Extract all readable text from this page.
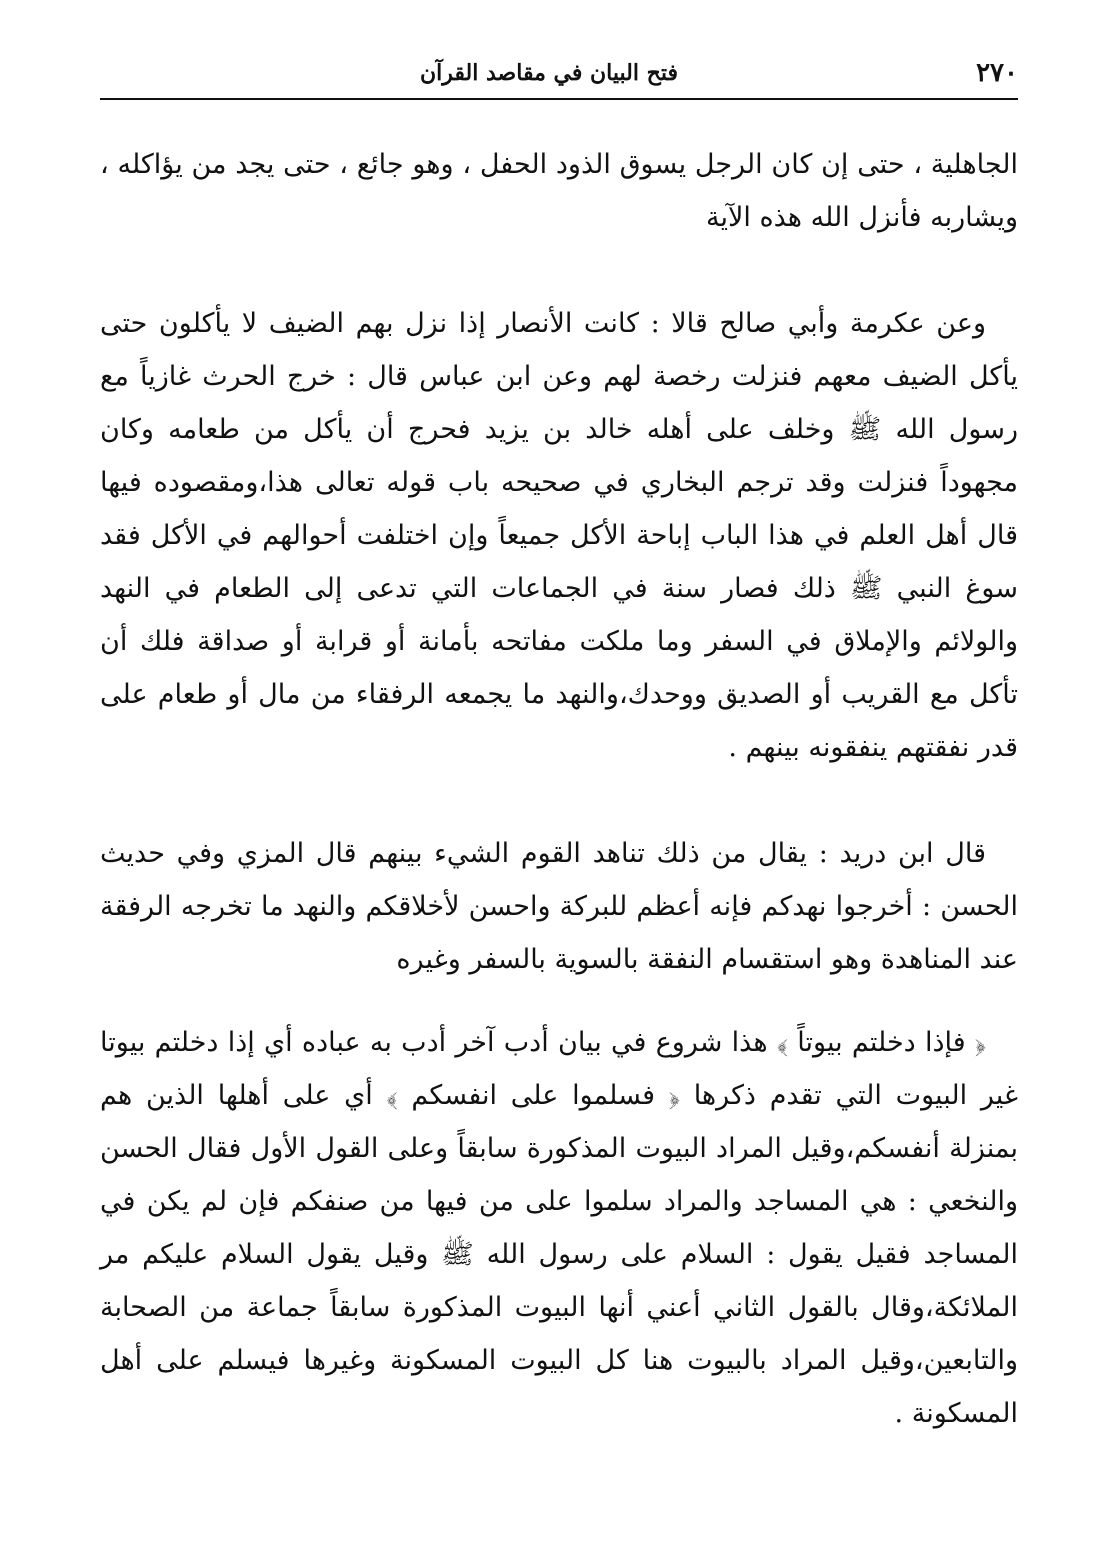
٢٧٠
فتح البيان في مقاصد القرآن

الجاهلية ، حتى إن كان الرجل يسوق الذود الحفل ، وهو جائع ، حتى يجد من يؤاكله ، ويشاربه فأنزل الله هذه الآية

وعن عكرمة وأبي صالح قالا : كانت الأنصار إذا نزل بهم الضيف لا يأكلون حتى يأكل الضيف معهم فنزلت رخصة لهم وعن ابن عباس قال : خرج الحرث غازياً مع رسول الله ﷺ وخلف على أهله خالد بن يزيد فحرج أن يأكل من طعامه وكان مجهوداً فنزلت وقد ترجم البخاري في صحيحه باب قوله تعالى هذا،ومقصوده فيها قال أهل العلم في هذا الباب إباحة الأكل جميعاً وإن اختلفت أحوالهم في الأكل فقد سوغ النبي ﷺ ذلك فصار سنة في الجماعات التي تدعى إلى الطعام في النهد والولائم والإملاق في السفر وما ملكت مفاتحه بأمانة أو قرابة أو صداقة فلك أن تأكل مع القريب أو الصديق ووحدك،والنهد ما يجمعه الرفقاء من مال أو طعام على قدر نفقتهم ينفقونه بينهم .

قال ابن دريد : يقال من ذلك تناهد القوم الشيء بينهم قال المزي وفي حديث الحسن : أخرجوا نهدكم فإنه أعظم للبركة واحسن لأخلاقكم والنهد ما تخرجه الرفقة عند المناهدة وهو استقسام النفقة بالسوية بالسفر وغيره

﴿ فإذا دخلتم بيوتاً ﴾ هذا شروع في بيان أدب آخر أدب به عباده أي إذا دخلتم بيوتا غير البيوت التي تقدم ذكرها ﴿ فسلموا على انفسكم ﴾ أي على أهلها الذين هم بمنزلة أنفسكم،وقيل المراد البيوت المذكورة سابقاً وعلى القول الأول فقال الحسن والنخعي : هي المساجد والمراد سلموا على من فيها من صنفكم فإن لم يكن في المساجد فقيل يقول : السلام على رسول الله ﷺ وقيل يقول السلام عليكم مر الملائكة،وقال بالقول الثاني أعني أنها البيوت المذكورة سابقاً جماعة من الصحابة والتابعين،وقيل المراد بالبيوت هنا كل البيوت المسكونة وغيرها فيسلم على أهل المسكونة .
